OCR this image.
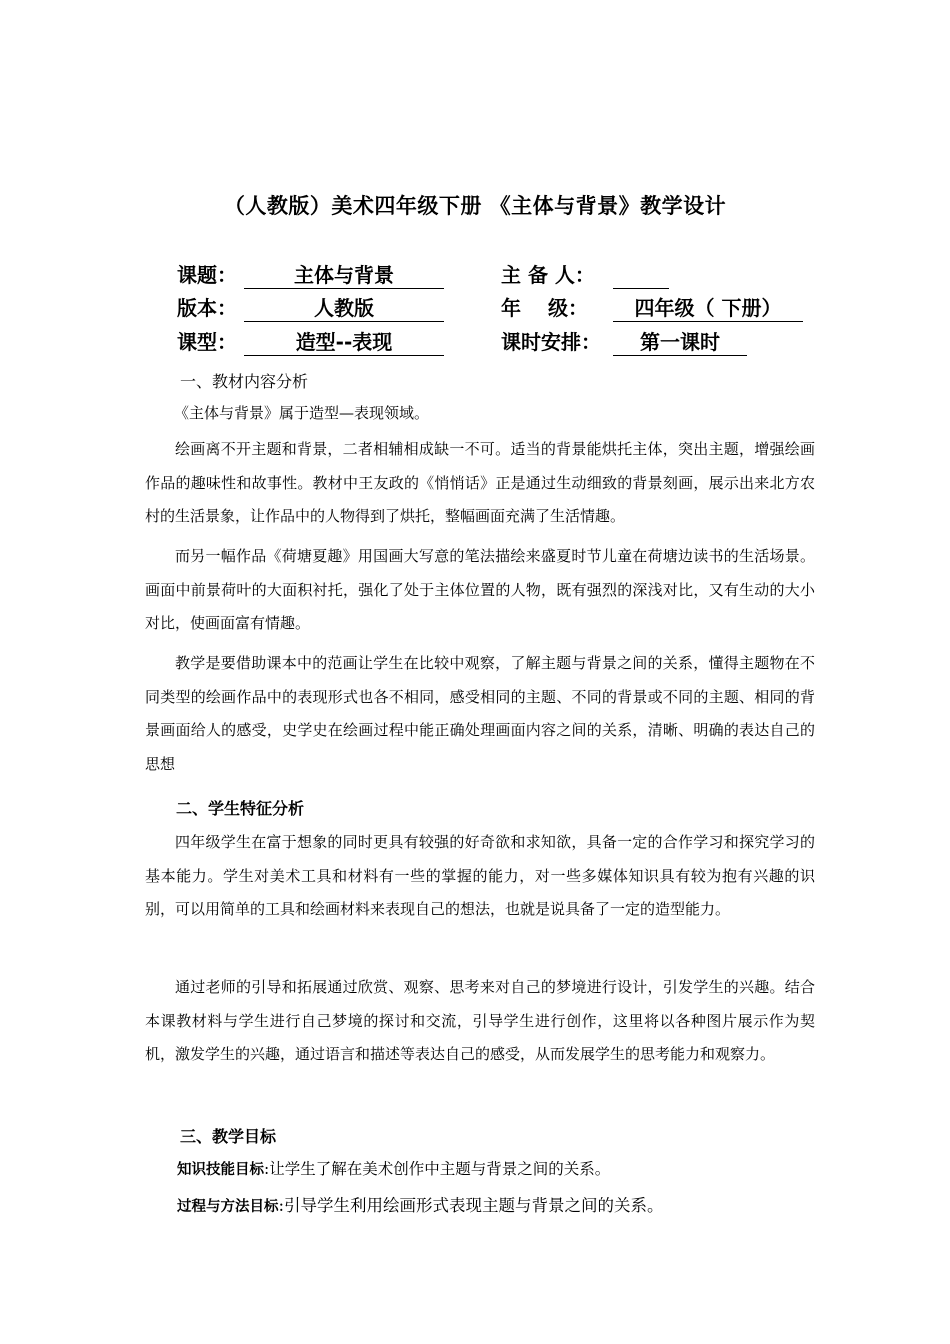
（人教版）美术四年级下册 《主体与背景》教学设计
课题：	主体与背景	主 备 人：
版本：	人教版	年　 级：	四年级（ 下册）
课型：	造型--表现	课时安排：	第一课时
一、教材内容分析
《主体与背景》属于造型—表现领域。
绘画离不开主题和背景，二者相辅相成缺一不可。适当的背景能烘托主体，突出主题，增强绘画作品的趣味性和故事性。教材中王友政的《悄悄话》正是通过生动细致的背景刻画，展示出来北方农村的生活景象，让作品中的人物得到了烘托，整幅画面充满了生活情趣。
而另一幅作品《荷塘夏趣》用国画大写意的笔法描绘来盛夏时节儿童在荷塘边读书的生活场景。画面中前景荷叶的大面积衬托，强化了处于主体位置的人物，既有强烈的深浅对比，又有生动的大小对比，使画面富有情趣。
教学是要借助课本中的范画让学生在比较中观察，了解主题与背景之间的关系，懂得主题物在不同类型的绘画作品中的表现形式也各不相同，感受相同的主题、不同的背景或不同的主题、相同的背景画面给人的感受，史学史在绘画过程中能正确处理画面内容之间的关系，清晰、明确的表达自己的思想
二、学生特征分析
四年级学生在富于想象的同时更具有较强的好奇欲和求知欲，具备一定的合作学习和探究学习的基本能力。学生对美术工具和材料有一些的掌握的能力，对一些多媒体知识具有较为抱有兴趣的识别，可以用简单的工具和绘画材料来表现自己的想法，也就是说具备了一定的造型能力。
通过老师的引导和拓展通过欣赏、观察、思考来对自己的梦境进行设计，引发学生的兴趣。结合本课教材料与学生进行自己梦境的探讨和交流，引导学生进行创作，这里将以各种图片展示作为契机，激发学生的兴趣，通过语言和描述等表达自己的感受，从而发展学生的思考能力和观察力。
三、教学目标
知识技能目标:让学生了解在美术创作中主题与背景之间的关系。
过程与方法目标:引导学生利用绘画形式表现主题与背景之间的关系。
